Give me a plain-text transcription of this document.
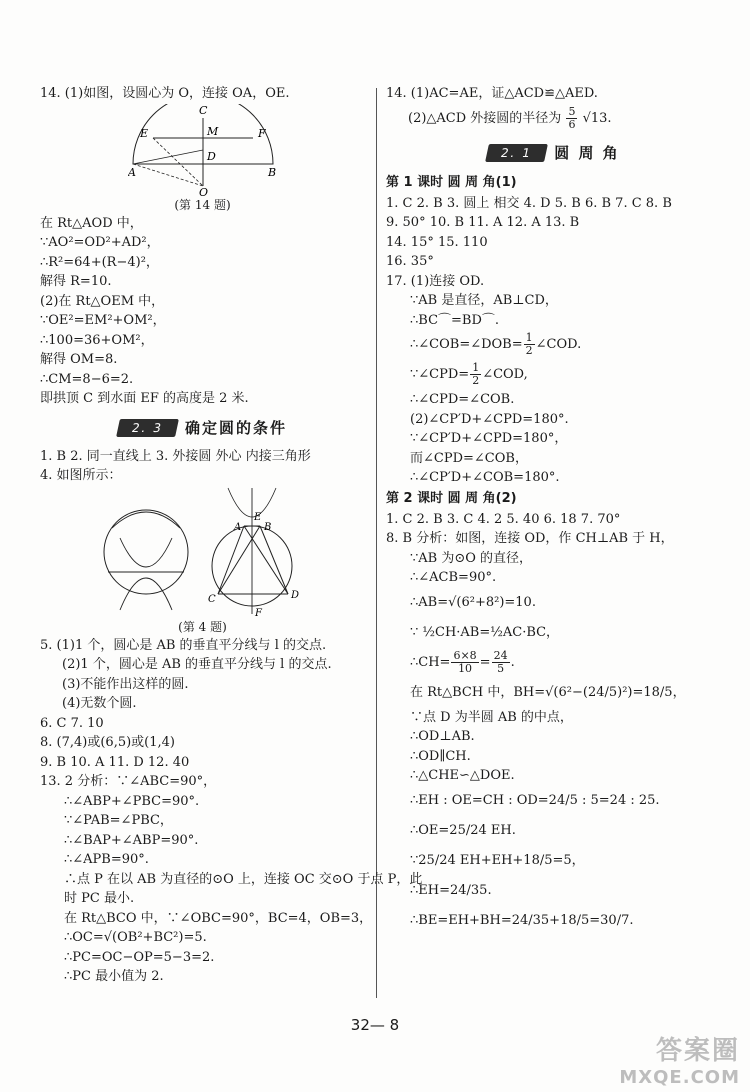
14. (1)如图，设圆心为 O，连接 OA，OE.
C
E	M	F
D
A	B
O
(第 14 题)
在 Rt△AOD 中，
∵AO²=OD²+AD²，
∴R²=64+(R−4)²，
解得 R=10.
(2)在 Rt△OEM 中，
∵OE²=EM²+OM²，
∴100=36+OM²，
解得 OM=8.
∴CM=8−6=2.
即拱顶 C 到水面 EF 的高度是 2 米.
2. 3	确定圆的条件
1. B 2. 同一直线上 3. 外接圆 外心 内接三角形
4. 如图所示：
A
E
B
C	D
F
(第 4 题)
5. (1)1 个，圆心是 AB 的垂直平分线与 l 的交点.
(2)1 个，圆心是 AB 的垂直平分线与 l 的交点.
(3)不能作出这样的圆.
(4)无数个圆.
6. C 7. 10
8. (7,4)或(6,5)或(1,4)
9. B 10. A 11. D 12. 40
13. 2 分析：∵∠ABC=90°，
∴∠ABP+∠PBC=90°.
∵∠PAB=∠PBC，
∴∠BAP+∠ABP=90°.
∴∠APB=90°.
∴点 P 在以 AB 为直径的⊙O 上，连接 OC 交⊙O 于点 P，此
时 PC 最小.
在 Rt△BCO 中，∵∠OBC=90°，BC=4，OB=3，
∴OC=√(OB²+BC²)=5.
∴PC=OC−OP=5−3=2.
∴PC 最小值为 2.
14. (1)AC=AE，证△ACD≌△AED.
(2)△ACD 外接圆的半径为 $\frac{5}{6} √13$.
2. 1	圆 周 角
第 1 课时 圆 周 角(1)
1. C 2. B 3. 圆上 相交 4. D 5. B 6. B 7. C 8. B
9. 50° 10. B 11. A 12. A 13. B
14. 15° 15. 110
16. 35°
17. (1)连接 OD.
∵AB 是直径，AB⊥CD，
∴BC⌒=BD⌒.
∴∠COB=∠DOB= $\frac{1}{2}$ ∠COD.
∵∠CPD= $\frac{1}{2}$ ∠COD,
∴∠CPD=∠COB.
(2)∠CP′D+∠CPD=180°.
∵∠CP′D+∠CPD=180°，
而∠CPD=∠COB，
∴∠CP′D+∠COB=180°.
第 2 课时 圆 周 角(2)
1. C 2. B 3. C 4. 2 5. 40 6. 18 7. 70°
8. B 分析：如图，连接 OD，作 CH⊥AB 于 H，
∵AB 为⊙O 的直径，
∴∠ACB=90°.
∴AB=√(6²+8²)=10.
∵ ½CH·AB=½AC·BC，
∴CH= $\frac{6\times 8}{10} = \frac{24}{5}$ .
在 Rt△BCH 中，BH=√(6²−(24/5)²)=18/5，
∵点 D 为半圆 AB 的中点，
∴OD⊥AB.
∴OD∥CH.
∴△CHE∽△DOE.
∴EH : OE=CH : OD=24/5 : 5=24 : 25.
∴OE=25/24 EH.
∵25/24 EH+EH+18/5=5，
∴EH=24/35.
∴BE=EH+BH=24/35+18/5=30/7.
32— 8
答案圈
MXQE.COM
